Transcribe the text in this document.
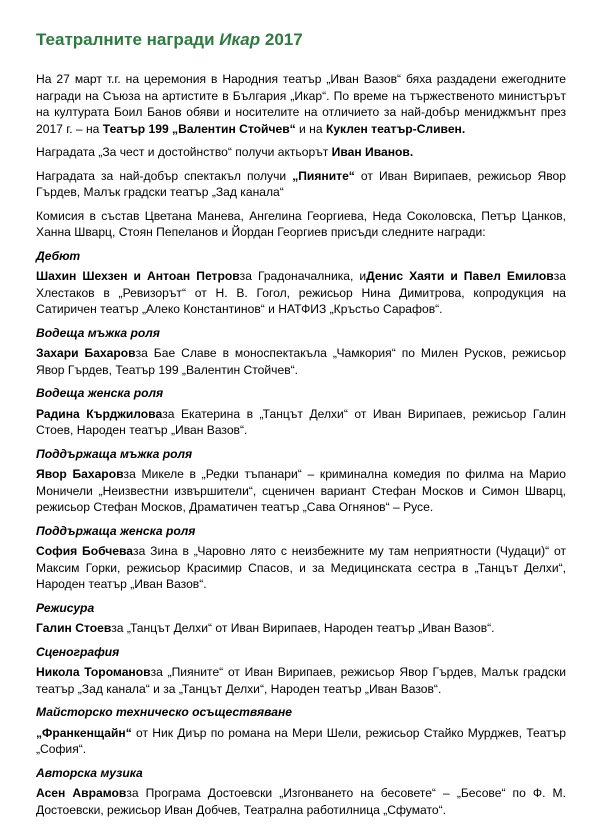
Театралните награди Икар 2017

На 27 март т.г. на церемония в Народния театър „Иван Вазов“ бяха раздадени ежегодните награди на Съюза на артистите в България „Икар“. По време на тържественото министърът на културата Боил Банов обяви и носителите на отличието за най-добър мениджмънт през 2017 г. – на Театър 199 „Валентин Стойчев“ и на Куклен театър-Сливен.

Наградата „За чест и достойнство“ получи актьорът Иван Иванов.

Наградата за най-добър спектакъл получи „Пияните“ от Иван Вирипаев, режисьор Явор Гърдев, Малък градски театър „Зад канала“

Комисия в състав Цветана Манева, Ангелина Георгиева, Неда Соколовска, Петър Цанков, Ханна Шварц, Стоян Пепеланов и Йордан Георгиев присъди следните награди:

Дебют

Шахин Шехзен и Антоан Петровза Градоначалника, иДенис Хаяти и Павел Емиловза Хлестаков в „Ревизорът“ от Н. В. Гогол, режисьор Нина Димитрова, копродукция на Сатиричен театър „Алеко Константинов“ и НАТФИЗ „Кръстьо Сарафов“.

Водеща мъжка роля

Захари Бахаровза Бае Славе в моноспектакъла „Чамкория“ по Милен Русков, режисьор Явор Гърдев, Театър 199 „Валентин Стойчев“.

Водеща женска роля

Радина Кърджиловаза Екатерина в „Танцът Делхи“ от Иван Вирипаев, режисьор Галин Стоев, Народен театър „Иван Вазов“.

Поддържаща мъжка роля

Явор Бахаровза Микеле в „Редки тъпанари“ – криминална комедия по филма на Марио Моничели „Неизвестни извършители“, сценичен вариант Стефан Москов и Симон Шварц, режисьор Стефан Москов, Драматичен театър „Сава Огнянов“ – Русе.

Поддържаща женска роля

София Бобчеваза Зина в „Чаровно лято с неизбежните му там неприятности (Чудаци)“ от Максим Горки, режисьор Красимир Спасов, и за Медицинската сестра в „Танцът Делхи“, Народен театър „Иван Вазов“.

Режисура

Галин Стоевза „Танцът Делхи“ от Иван Вирипаев, Народен театър „Иван Вазов“.

Сценография

Никола Торомановза „Пияните“ от Иван Вирипаев, режисьор Явор Гърдев, Малък градски театър „Зад канала“ и за „Танцът Делхи“, Народен театър „Иван Вазов“.

Майсторско техническо осъществяване

„Франкенщайн“ от Ник Диър по романа на Мери Шели, режисьор Стайко Мурджев, Театър „София“.

Авторска музика

Асен Аврамовза Програма Достоевски „Изгонването на бесовете“ – „Бесове“ по Ф. М. Достоевски, режисьор Иван Добчев, Театрална работилница „Сфумато“.
